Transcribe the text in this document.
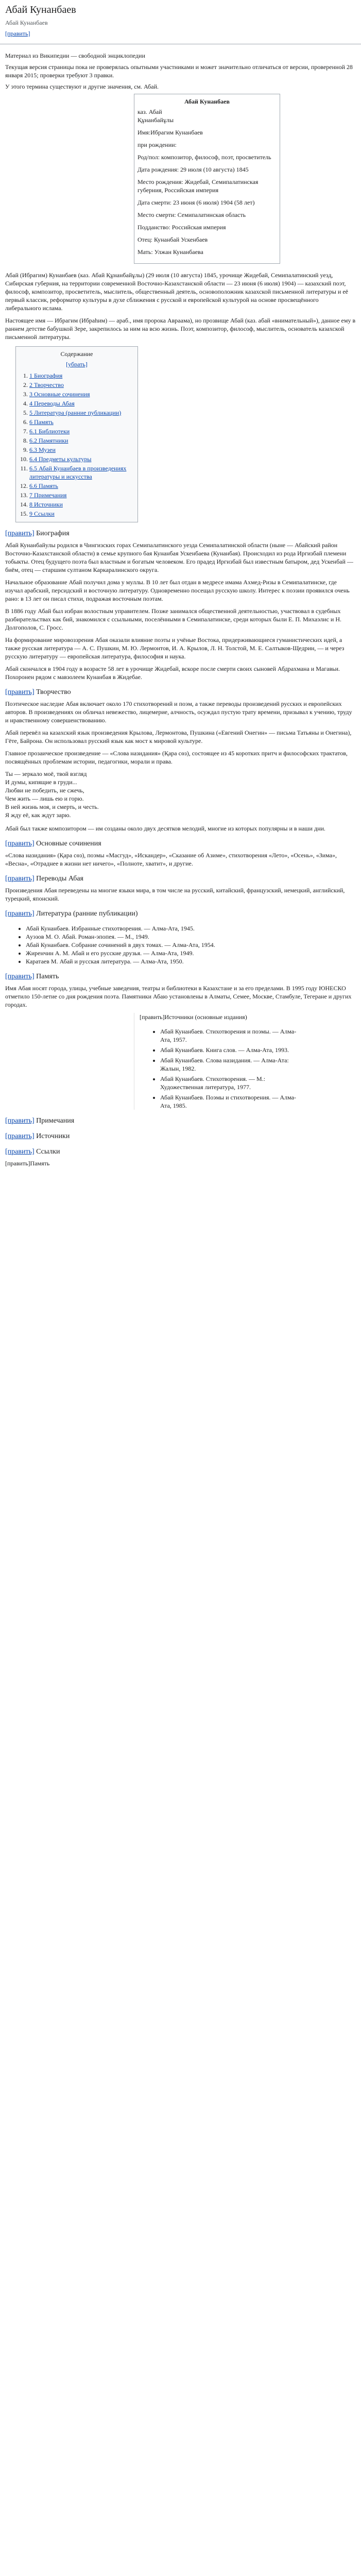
Абай Кунанбаев
Абай Кунанбаев
[править]
Материал из Википедии — свободной энциклопедии
Текущая версия страницы пока не проверялась опытными участниками и может значительно отличаться от версии, проверенной 28 января 2015; проверки требуют 3 правки.
У этого термина существуют и другие значения, см. Абай.
Абай Кунанбаев
каз. Абай Құнанбайұлы
Имя:Ибрагим Кунанбаев
при рождении:
Род/пол: композитор, философ, поэт, просветитель
Дата рождения: 29 июля (10 августа) 1845
Место рождения: Жидебай, Семипалатинская губерния, Российская империя
Дата смерти: 23 июня (6 июля) 1904 (58 лет)
Место смерти: Семипалатинская область
Подданство: Российская империя
Отец: Кунанбай Ускенбаев
Мать: Улжан Кунанбаева

Абай (Ибрагим) Кунанбаев (каз. Абай Құнанбайұлы) (29 июля (10 августа) 1845, урочище Жидебай, Семипалатинский уезд, Сибирская губерния, на территории современной Восточно-Казахстанской области — 23 июня (6 июля) 1904) — казахский поэт, философ, композитор, просветитель, мыслитель, общественный деятель, основоположник казахской письменной литературы и её первый классик, реформатор культуры в духе сближения с русской и европейской культурой на основе просвещённого либерального ислама.

Настоящее имя — Ибрагим (Ибраһим) — араб., имя пророка Авраама), но прозвище Абай (каз. абай «внимательный»), данное ему в раннем детстве бабушкой Зере, закрепилось за ним на всю жизнь. Поэт, композитор, философ, мыслитель, основатель казахской письменной литературы.

Содержание
[убрать]
1. 1 Биография
2. 2 Творчество
3. 3 Основные сочинения
4. 4 Переводы Абая
5. 5 Литература (ранние публикации)
6. 6 Память
7. 6.1 Библиотеки
8. 6.2 Памятники
9. 6.3 Музеи
10. 6.4 Предметы культуры
11. 6.5 Абай Кунанбаев в произведениях литературы и искусства
12. 6.6 Память
13. 7 Примечания
14. 8 Источники
15. 9 Ссылки
[править] Биография

Абай Кунанбайулы родился в Чингизских горах Семипалатинского уезда Семипалатинской области (ныне — Абайский район Восточно-Казахстанской области) в семье крупного бая Кунанбая Ускенбаева (Кунанбая). Происходил из рода Иргизбай племени тобыкты. Отец будущего поэта был властным и богатым человеком. Его прадед Иргизбай был известным батыром, дед Ускенбай — биём, отец — старшим султаном Каркаралинского округа.

Начальное образование Абай получил дома у муллы. В 10 лет был отдан в медресе имама Ахмед-Ризы в Семипалатинске, где изучал арабский, персидский и восточную литературу. Одновременно посещал русскую школу. Интерес к поэзии проявился очень рано: в 13 лет он писал стихи, подражая восточным поэтам.

В 1886 году Абай был избран волостным управителем. Позже занимался общественной деятельностью, участвовал в судебных разбирательствах как бий, знакомился с ссыльными, поселёнными в Семипалатинске, среди которых были Е. П. Михаэлис и Н. Долгополов, С. Гросс.

На формирование мировоззрения Абая оказали влияние поэты и учёные Востока, придерживающиеся гуманистических идей, а также русская литература — А. С. Пушкин, М. Ю. Лермонтов, И. А. Крылов, Л. Н. Толстой, М. Е. Салтыков-Щедрин, — и через русскую литературу — европейская литература, философия и наука.

Абай скончался в 1904 году в возрасте 58 лет в урочище Жидебай, вскоре после смерти своих сыновей Абдрахмана и Магавьи. Похоронен рядом с мавзолеем Кунанбая в Жидебае.

[править] Творчество

Поэтическое наследие Абая включает около 170 стихотворений и поэм, а также переводы произведений русских и европейских авторов. В произведениях он обличал невежество, лицемерие, алчность, осуждал пустую трату времени, призывал к учению, труду и нравственному совершенствованию.

Абай перевёл на казахский язык произведения Крылова, Лермонтова, Пушкина («Евгений Онегин» — письма Татьяны и Онегина), Гёте, Байрона. Он использовал русский язык как мост к мировой культуре.

Главное прозаическое произведение — «Слова назидания» (Қара сөз), состоящее из 45 коротких притч и философских трактатов, посвящённых проблемам истории, педагогики, морали и права.

Ты — зеркало моё, твой взгляд
И думы, кипящие в груди...
Любви не победить, не сжечь,
Чем жить — лишь ею и горю.
В ней жизнь моя, и смерть, и честь.
Я жду её, как ждут зарю.

Абай был также композитором — им созданы около двух десятков мелодий, многие из которых популярны и в наши дни.

[править] Основные сочинения

«Слова назидания» (Қара сөз), поэмы «Масгуд», «Искандер», «Сказание об Азиме», стихотворения «Лето», «Осень», «Зима», «Весна», «Отраднее в жизни нет ничего», «Полноте, хватит», и другие.

[править] Переводы Абая

Произведения Абая переведены на многие языки мира, в том числе на русский, китайский, французский, немецкий, английский, турецкий, японский.

[править] Литература (ранние публикации)
• Абай Кунанбаев. Избранные стихотворения. — Алма-Ата, 1945.
• Ауэзов М. О. Абай. Роман-эпопея. — М., 1949.
• Абай Кунанбаев. Собрание сочинений в двух томах. — Алма-Ата, 1954.
• Жиренчин А. М. Абай и его русские друзья. — Алма-Ата, 1949.
• Каратаев М. Абай и русская литература. — Алма-Ата, 1950.
[править] Память

Имя Абая носят города, улицы, учебные заведения, театры и библиотеки в Казахстане и за его пределами. В 1995 году ЮНЕСКО отметило 150-летие со дня рождения поэта. Памятники Абаю установлены в Алматы, Семее, Москве, Стамбуле, Тегеране и других городах.

[править]Источники (основные издания)
• Абай Кунанбаев. Стихотворения и поэмы. — Алма-Ата, 1957.
• Абай Кунанбаев. Книга слов. — Алма-Ата, 1993.
• Абай Кунанбаев. Слова назидания. — Алма-Ата: Жалын, 1982.
• Абай Кунанбаев. Стихотворения. — М.: Художественная литература, 1977.
• Абай Кунанбаев. Поэмы и стихотворения. — Алма-Ата, 1985.
[править] Примечания
[править] Источники
[править] Ссылки
[править]Память
